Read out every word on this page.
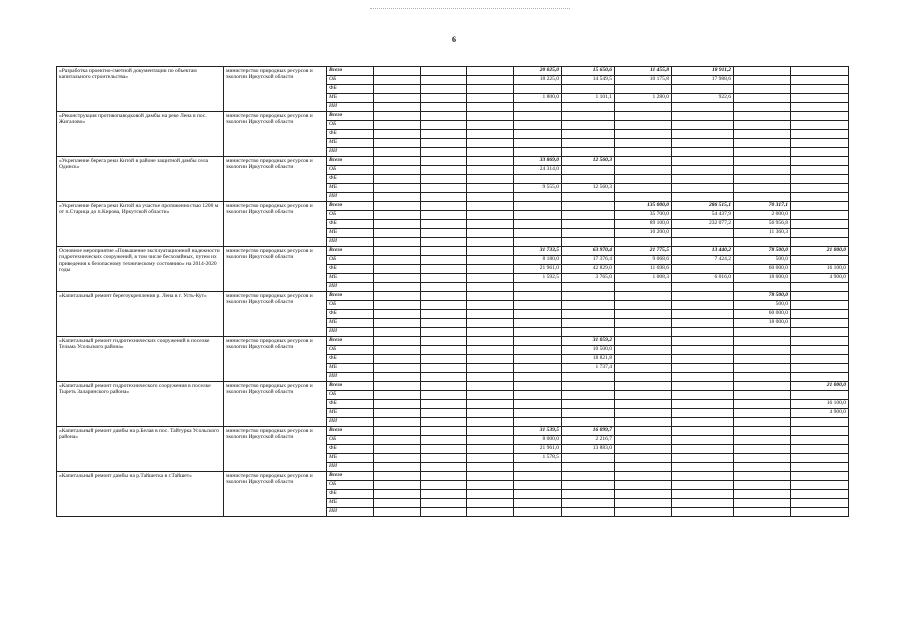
6
«Разработка проектно-сметной документации по объектам капитального строительства»	министерство природных ресурсов и экологии Иркутской области	Всего				20 025,0	15 650,6	11 455,8	18 911,2			
		ОБ				18 225,0	14 549,5	10 175,8	17 988,6			
		ФБ										
		МБ				1 800,0	1 101,1	1 280,0	922,6			
		ИИ										
«Реконструкция противопаводковой дамбы на реке Лена в пос. Жигалово»	министерство природных ресурсов и экологии Иркутской области	Всего										
		ОБ										
		ФБ										
		МБ										
		ИИ										
«Укрепление берега реки Китой в районе защитной дамбы села Одинск»	министерство природных ресурсов и экологии Иркутской области	Всего				33 869,0	12 560,3					
		ОБ				24 314,0						
		ФБ										
		МБ				9 555,0	12 560,3					
		ИИ										
«Укрепление берега реки Китой на участке протяженностью 1200 м от п.Старица до п.Кирова, Иркутской области»	министерство природных ресурсов и экологии Иркутской области	Всего						135 000,0	286 515,1	70 317,1		
		ОБ						35 700,0	54 437,9	2 000,0		
		ФБ						89 100,0	232 077,2	56 956,8		
		МБ						10 200,0		11 360,3		
		ИИ										
Основное мероприятие «Повышение эксплуатационной надежности гидротехнических сооружений, в том числе бесхозяйных, путем их приведения к безопасному техническому состоянию» на 2014-2020 годы	министерство природных ресурсов и экологии Иркутской области	Всего				31 733,5	63 970,4	21 775,5	13 440,2	78 500,0	21 000,0	
		ОБ				8 180,0	17 376,4	9 068,6	7 424,2	500,0		
		ФБ				21 961,0	42 829,0	11 698,6		60 000,0	16 100,0	
		МБ				1 592,5	3 765,0	1 008,3	6 016,0	18 000,0	4 900,0	
		ИИ										
«Капитальный ремонт берегоукрепления р. Лена в г. Усть-Кут»	министерство природных ресурсов и экологии Иркутской области	Всего								78 500,0		
		ОБ								500,0		
		ФБ								60 000,0		
		МБ								18 000,0		
		ИИ										
«Капитальный ремонт гидротехнических сооружений в поселке Тельма Усольского района»	министерство природных ресурсов и экологии Иркутской области	Всего					31 059,2					
		ОБ					10 500,0					
		ФБ					18 821,8					
		МБ					1 737,4					
		ИИ										
«Капитальный ремонт гидротехнического сооружения в поселке Тыреть Заларинского района»	министерство природных ресурсов и экологии Иркутской области	Всего									21 000,0	
		ОБ										
		ФБ									16 100,0	
		МБ									4 900,0	
		ИИ										
«Капитальный ремонт дамбы на р.Белая в пос. Тайтурка Усольского района»	министерство природных ресурсов и экологии Иркутской области	Всего				31 539,5	16 099,7					
		ОБ				8 000,0	2 216,7					
		ФБ				21 961,0	13 883,0					
		МБ				1 578,5						
		ИИ										
«Капитальный ремонт дамбы на р.Тайшетка в г.Тайшет»	министерство природных ресурсов и экологии Иркутской области	Всего										
		ОБ										
		ФБ										
		МБ										
		ИИ										
